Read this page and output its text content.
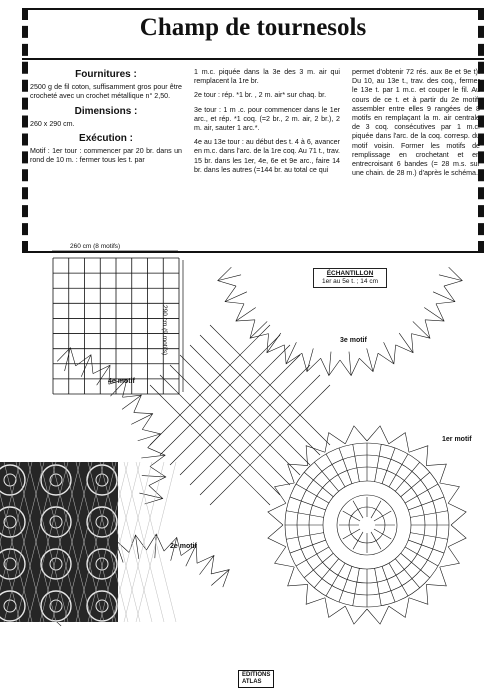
Champ de tournesols
Fournitures :
2500 g de fil coton, suffisamment gros pour être crocheté avec un crochet métallique n° 2,50.
Dimensions :
260 x 290 cm.
Exécution :
Motif : 1er tour : commencer par 20 br. dans un rond de 10 m. : fermer tous les t. par
1 m.c. piquée dans la 3e des 3 m. air qui remplacent la 1re br.
2e tour : rép. *1 br. , 2 m. air* sur chaq. br.
3e tour : 1 m .c. pour commencer dans le 1er arc., et rép. *1 coq. (=2 br., 2 m. air, 2 br.), 2 m. air, sauter 1 arc.*.
4e au 13e tour : au début des t. 4 à 6, avancer en m.c. dans l'arc. de la 1re coq. Au 71 t., trav. 15 br. dans les 1er, 4e, 6e et 9e arc., faire 14 br. dans les autres (=144 br. au total ce qui
permet d'obtenir 72 rés. aux 8e et 9e t). Du 10, au 13e t., trav. des coq., fermer le 13e t. par 1 m.c. et couper le fil. Au cours de ce t. et à partir du 2e motif, assembler entre elles 9 rangées de 8 motifs en remplaçant la m. air centrale de 3 coq. consécutives par 1 m.c. piquée dans l'arc. de la coq. corresp. du motif voisin. Former les motifs de remplissage en crochetant et en entrecroisant 6 bandes (= 28 m.s. sur une chain. de 28 m.) d'après le schéma.
260 cm (8 motifs)
290 cm (9 motifs)
ÉCHANTILLON
1er au 5e t. ; 14 cm
1er motif
2e motif
3e motif
4e motif
EDITIONS
ATLAS
